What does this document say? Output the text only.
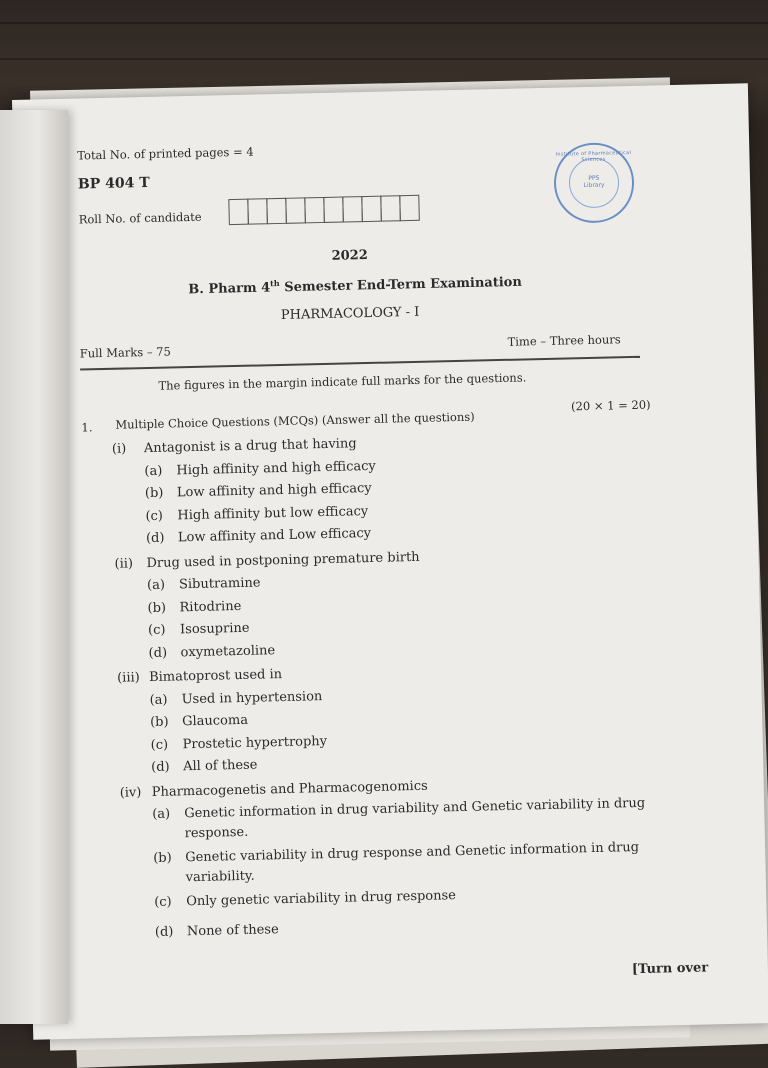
Total No. of printed pages = 4
BP 404 T
Roll No. of candidate
Institute of Pharmaceutical Sciences
PPS
Library
2022
B. Pharm 4th Semester End-Term Examination
PHARMACOLOGY - I
Full Marks – 75
Time – Three hours
The figures in the margin indicate full marks for the questions.
1. Multiple Choice Questions (MCQs) (Answer all the questions)
(20 × 1 = 20)
(i) Antagonist is a drug that having
(a) High affinity and high efficacy
(b) Low affinity and high efficacy
(c) High affinity but low efficacy
(d) Low affinity and Low efficacy
(ii) Drug used in postponing premature birth
(a) Sibutramine
(b) Ritodrine
(c) Isosuprine
(d) oxymetazoline
(iii) Bimatoprost used in
(a) Used in hypertension
(b) Glaucoma
(c) Prostetic hypertrophy
(d) All of these
(iv) Pharmacogenetis and Pharmacogenomics
(a) Genetic information in drug variability and Genetic variability in drug
response.
(b) Genetic variability in drug response and Genetic information in drug
variability.
(c) Only genetic variability in drug response
(d) None of these
[Turn over
